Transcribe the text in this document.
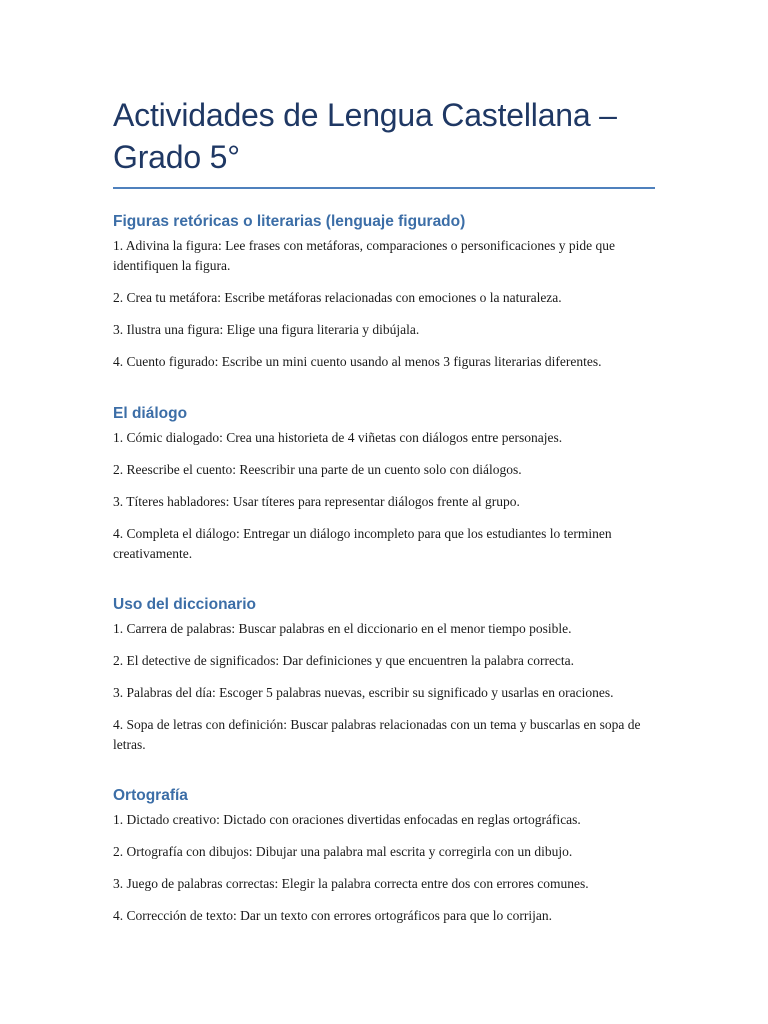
Actividades de Lengua Castellana – Grado 5°
Figuras retóricas o literarias (lenguaje figurado)

1. Adivina la figura: Lee frases con metáforas, comparaciones o personificaciones y pide que identifiquen la figura.

2. Crea tu metáfora: Escribe metáforas relacionadas con emociones o la naturaleza.

3. Ilustra una figura: Elige una figura literaria y dibújala.

4. Cuento figurado: Escribe un mini cuento usando al menos 3 figuras literarias diferentes.

El diálogo

1. Cómic dialogado: Crea una historieta de 4 viñetas con diálogos entre personajes.

2. Reescribe el cuento: Reescribir una parte de un cuento solo con diálogos.

3. Títeres habladores: Usar títeres para representar diálogos frente al grupo.

4. Completa el diálogo: Entregar un diálogo incompleto para que los estudiantes lo terminen creativamente.

Uso del diccionario

1. Carrera de palabras: Buscar palabras en el diccionario en el menor tiempo posible.

2. El detective de significados: Dar definiciones y que encuentren la palabra correcta.

3. Palabras del día: Escoger 5 palabras nuevas, escribir su significado y usarlas en oraciones.

4. Sopa de letras con definición: Buscar palabras relacionadas con un tema y buscarlas en sopa de letras.

Ortografía

1. Dictado creativo: Dictado con oraciones divertidas enfocadas en reglas ortográficas.

2. Ortografía con dibujos: Dibujar una palabra mal escrita y corregirla con un dibujo.

3. Juego de palabras correctas: Elegir la palabra correcta entre dos con errores comunes.

4. Corrección de texto: Dar un texto con errores ortográficos para que lo corrijan.
